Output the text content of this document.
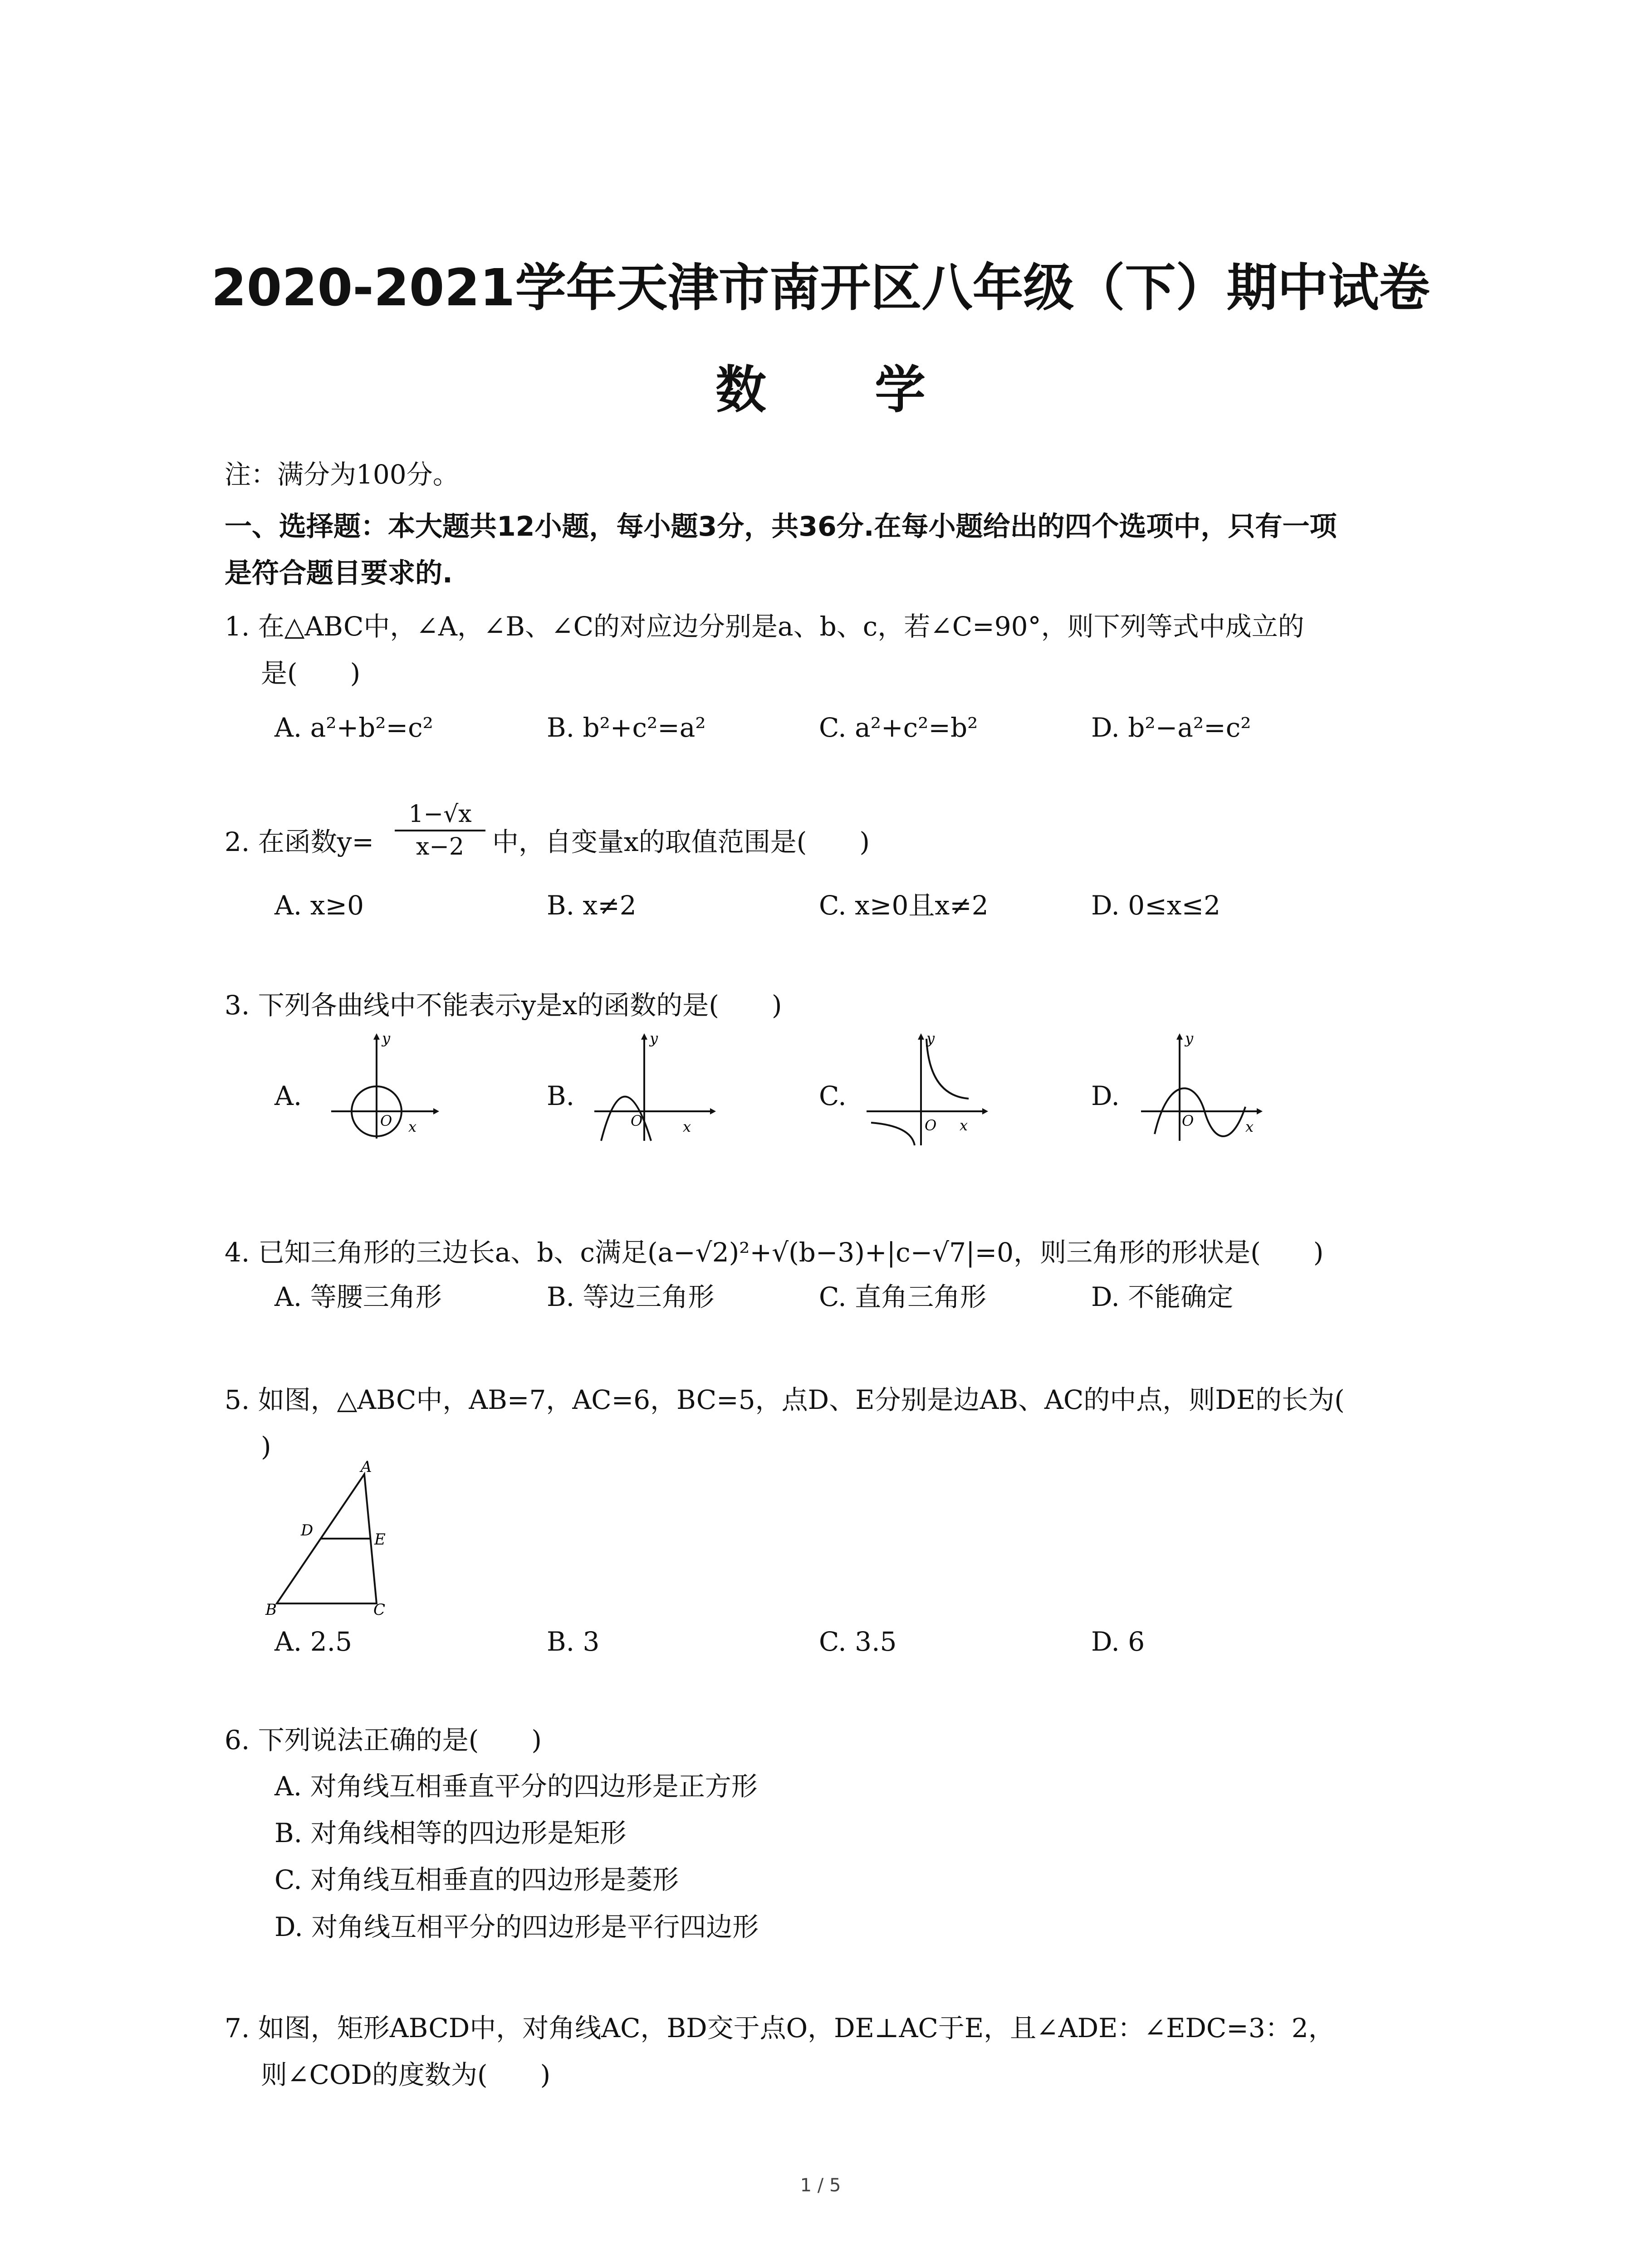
2020-2021学年天津市南开区八年级（下）期中试卷
数 学
注：满分为100分。
一、选择题：本大题共12小题，每小题3分，共36分.在每小题给出的四个选项中，只有一项
是符合题目要求的.
1. 在△ABC中，∠A，∠B、∠C的对应边分别是a、b、c，若∠C=90°，则下列等式中成立的
是(　　)
A. a²+b²=c²	B. b²+c²=a²	C. a²+c²=b²	D. b²−a²=c²
2. 在函数y=
1−√x
x−2	中，自变量x的取值范围是(　　)
A. x≥0	B. x≠2	C. x≥0且x≠2	D. 0≤x≤2
3. 下列各曲线中不能表示y是x的函数的是(　　)
A.	B.	C.	D.
y
x
O
y
x
O
y
x
O
y
x
O
4. 已知三角形的三边长a、b、c满足(a−√2)²+√(b−3)+|c−√7|=0，则三角形的形状是(　　)
A. 等腰三角形	B. 等边三角形	C. 直角三角形	D. 不能确定
5. 如图，△ABC中，AB=7，AC=6，BC=5，点D、E分别是边AB、AC的中点，则DE的长为(
)
A
B	C
D	E
A. 2.5	B. 3	C. 3.5	D. 6
6. 下列说法正确的是(　　)
A. 对角线互相垂直平分的四边形是正方形
B. 对角线相等的四边形是矩形
C. 对角线互相垂直的四边形是菱形
D. 对角线互相平分的四边形是平行四边形
7. 如图，矩形ABCD中，对角线AC，BD交于点O，DE⊥AC于E，且∠ADE：∠EDC=3：2，
则∠COD的度数为(　　)
1 / 5
